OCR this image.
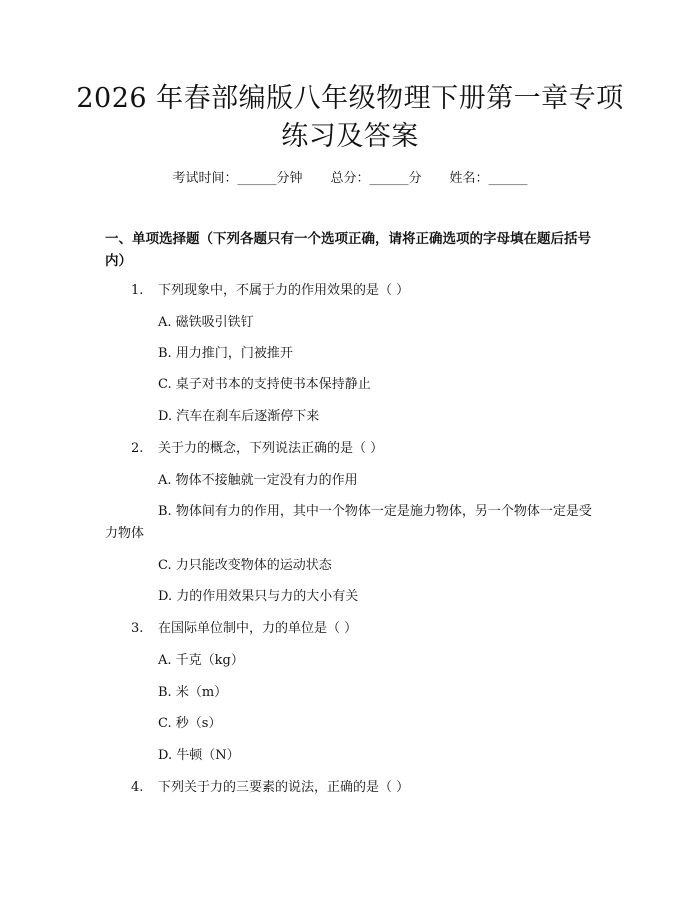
2026 年春部编版八年级物理下册第一章专项练习及答案
考试时间：______分钟 总分：______分 姓名：______
一、单项选择题（下列各题只有一个选项正确，请将正确选项的字母填在题后括号内）
1. 下列现象中，不属于力的作用效果的是（ ）
A. 磁铁吸引铁钉
B. 用力推门，门被推开
C. 桌子对书本的支持使书本保持静止
D. 汽车在刹车后逐渐停下来
2. 关于力的概念，下列说法正确的是（ ）
A. 物体不接触就一定没有力的作用
B. 物体间有力的作用，其中一个物体一定是施力物体，另一个物体一定是受力物体
C. 力只能改变物体的运动状态
D. 力的作用效果只与力的大小有关
3. 在国际单位制中，力的单位是（ ）
A. 千克（kg）
B. 米（m）
C. 秒（s）
D. 牛顿（N）
4. 下列关于力的三要素的说法，正确的是（ ）
